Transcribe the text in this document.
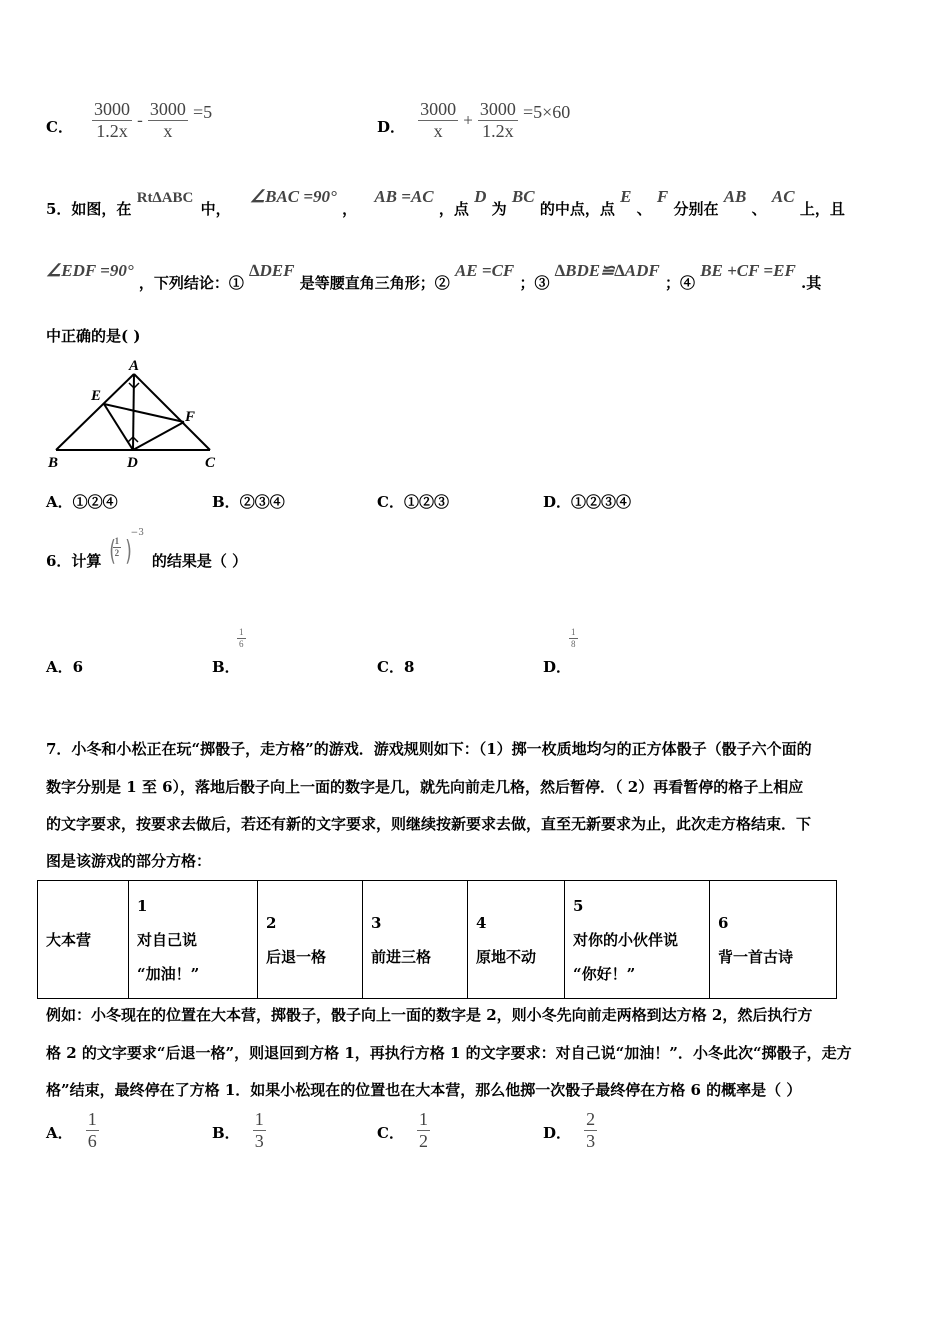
C． $\frac{3000}{1.2x} - \frac{3000}{x} =5$
D． $\frac{3000}{x} + \frac{3000}{1.2x} =5\times 60$
5．如图，在 Rt∆ABC 中， ∠BAC =90° ， AB =AC ，点 D 为 BC 的中点，点 E 、 F 分别在 AB 、 AC 上，且
∠EDF =90° ，下列结论：① ∆DEF 是等腰直角三角形；② AE =CF ；③ ∆BDE≌∆ADF ；④ BE +CF =EF .其
中正确的是( )
A
B	C
D
E
F
A．①②④	B．②③④	C．①②③	D．①②③④
6．计算 (
$\frac{1}{2}$ )
−3
的结果是（ ）
A．6	B．
$\frac{1}{6}$
C．8	D．
$\frac{1}{8}$
7．小冬和小松正在玩“掷骰子，走方格”的游戏．游戏规则如下：（1）掷一枚质地均匀的正方体骰子（骰子六个面的
数字分别是 1 至 6），落地后骰子向上一面的数字是几，就先向前走几格，然后暂停．（ 2）再看暂停的格子上相应
的文字要求，按要求去做后，若还有新的文字要求，则继续按新要求去做，直至无新要求为止，此次走方格结束．下
图是该游戏的部分方格：
大本营

1
对自己说
“加油！”

2
后退一格

3
前进三格

4
原地不动

5
对你的小伙伴说
“你好！”

6
背一首古诗
例如：小冬现在的位置在大本营，掷骰子，骰子向上一面的数字是 2，则小冬先向前走两格到达方格 2，然后执行方
格 2 的文字要求“后退一格”，则退回到方格 1，再执行方格 1 的文字要求：对自己说“加油！”．小冬此次“掷骰子，走方
格”结束，最终停在了方格 1．如果小松现在的位置也在大本营，那么他掷一次骰子最终停在方格 6 的概率是（ ）
A． $\frac{1}{6}$	B． $\frac{1}{3}$	C． $\frac{1}{2}$	D． $\frac{2}{3}$
